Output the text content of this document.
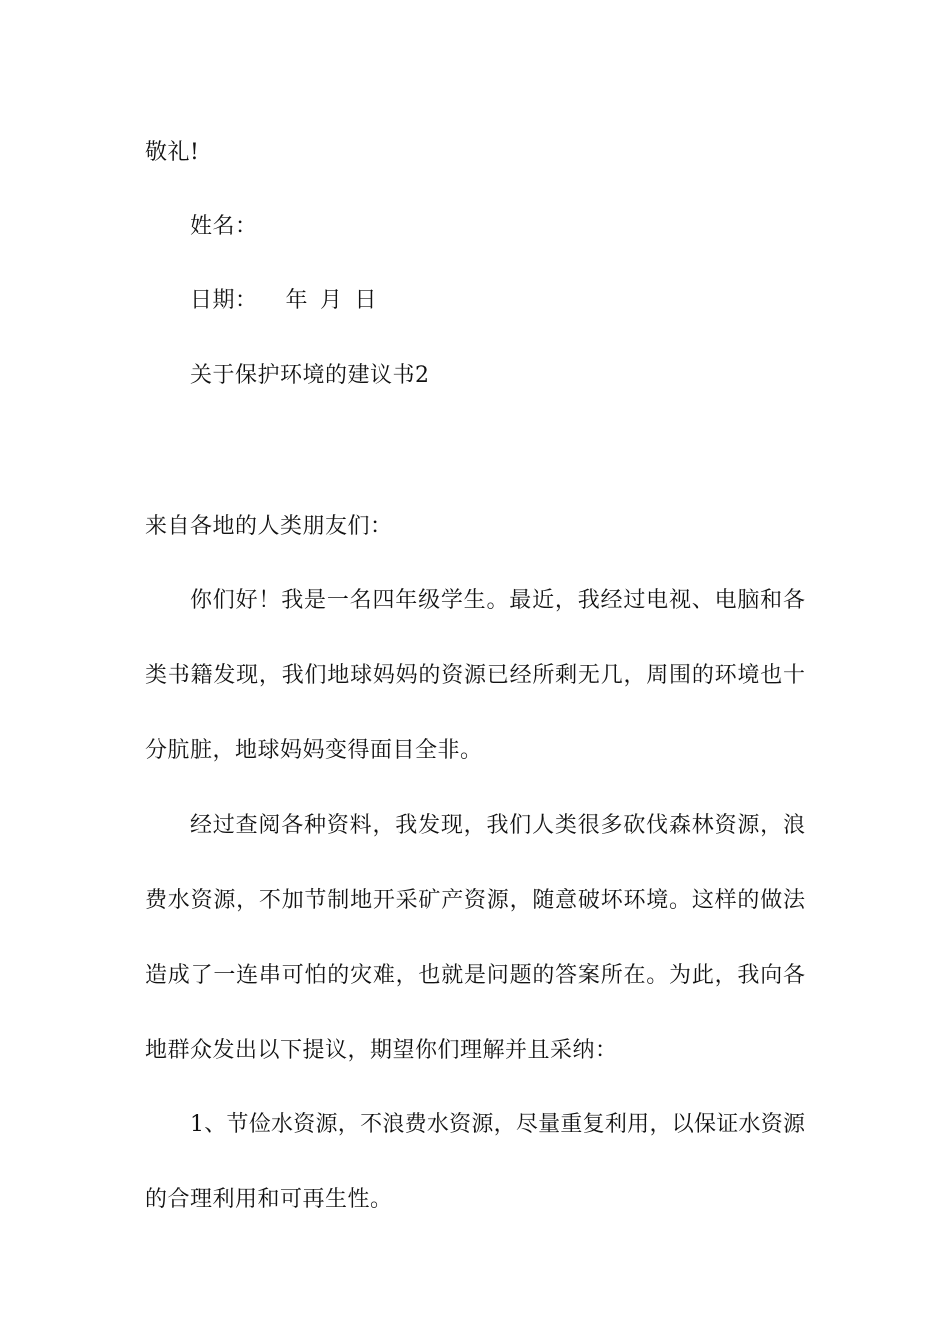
敬礼!
姓名：
日期： 年 月 日
关于保护环境的建议书2
来自各地的人类朋友们：
你们好！我是一名四年级学生。最近，我经过电视、电脑和各
类书籍发现，我们地球妈妈的资源已经所剩无几，周围的环境也十
分肮脏，地球妈妈变得面目全非。
经过查阅各种资料，我发现，我们人类很多砍伐森林资源，浪
费水资源，不加节制地开采矿产资源，随意破坏环境。这样的做法
造成了一连串可怕的灾难，也就是问题的答案所在。为此，我向各
地群众发出以下提议，期望你们理解并且采纳：
1、节俭水资源，不浪费水资源，尽量重复利用，以保证水资源
的合理利用和可再生性。
